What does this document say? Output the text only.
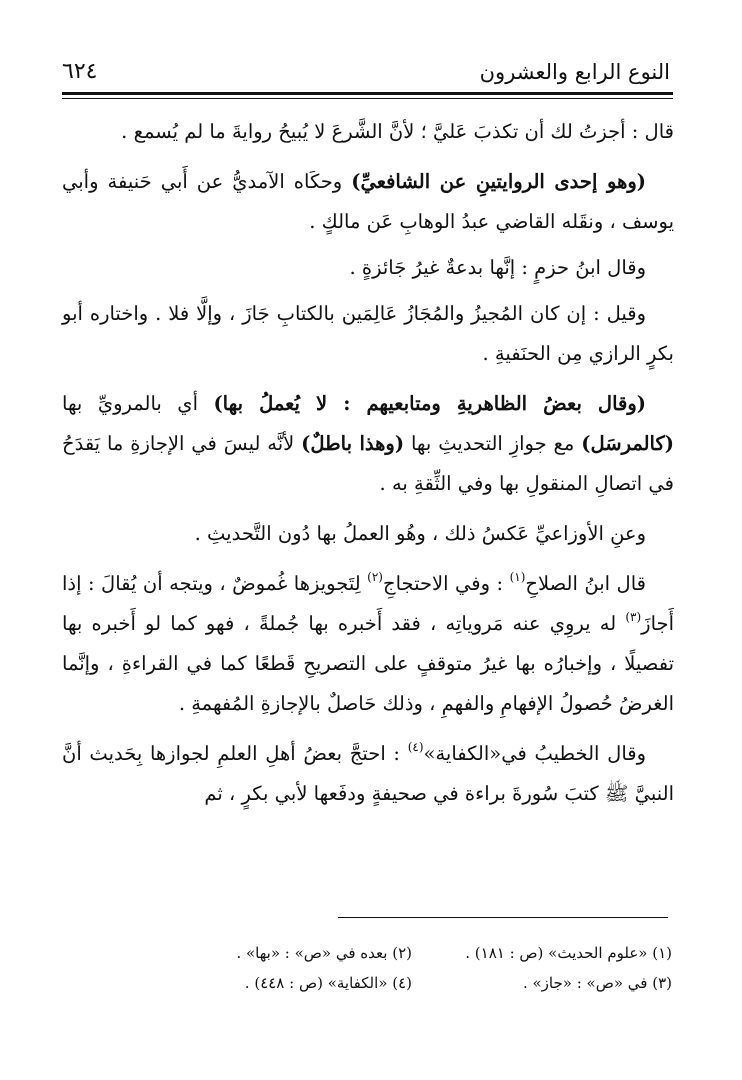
النوع الرابع والعشرون
٦٢٤

قال : أجزتُ لك أن تكذبَ عَليَّ ؛ لأنَّ الشَّرعَ لا يُبيحُ روايةَ ما لم يُسمع .

(وهو إحدى الروايتينِ عن الشافعيِّ) وحكَاه الآمديُّ عن أَبي حَنيفة وأبي يوسف ، ونقَله القاضي عبدُ الوهابِ عَن مالكٍ .

وقال ابنُ حزمٍ : إنَّها بدعةٌ غيرُ جَائزةٍ .

وقيل : إن كان المُجيزُ والمُجَازُ عَالِمَين بالكتابِ جَازَ ، وإلَّا فلا . واختاره أبو بكرٍ الرازي مِن الحنَفيةِ .

(وقال بعضُ الظاهريةِ ومتابعيهم : لا يُعملُ بها) أي بالمرويِّ بها (كالمرسَل) مع جوازِ التحديثِ بها (وهذا باطلٌ) لأنَّه ليسَ في الإجازةِ ما يَقدَحُ في اتصالِ المنقولِ بها وفي الثِّقةِ به .

وعنِ الأوزاعيِّ عَكسُ ذلك ، وهُو العملُ بها دُون التَّحديثِ .

قال ابنُ الصلاحِ$^{(١)}$ : وفي الاحتجاجِ$^{(٢)}$ لِتَجويزها غُموضٌ ، ويتجه أن يُقالَ : إذا أَجازَ$^{(٣)}$ له يروِي عنه مَروياتِه ، فقد أَخبره بها جُملةً ، فهو كما لو أَخبره بها تفصيلًا ، وإخبارُه بها غيرُ متوقفٍ على التصريحِ قَطعًا كما في القراءةِ ، وإنَّما الغرضُ حُصولُ الإفهامِ والفهمِ ، وذلك حَاصلٌ بالإجازةِ المُفهمةِ .

وقال الخطيبُ في«الكفاية»$^{(٤)}$ : احتجَّ بعضُ أهلِ العلمِ لجوازها بِحَديث أنَّ النبيَّ ﷺ كتبَ سُورةَ براءة في صحيفةٍ ودفَعها لأبي بكرٍ ، ثم

(١) «علوم الحديث» (ص : ١٨١) .
(٢) بعده في «ص» : «بها» .
(٣) في «ص» : «جاز» .
(٤) «الكفاية» (ص : ٤٤٨) .
